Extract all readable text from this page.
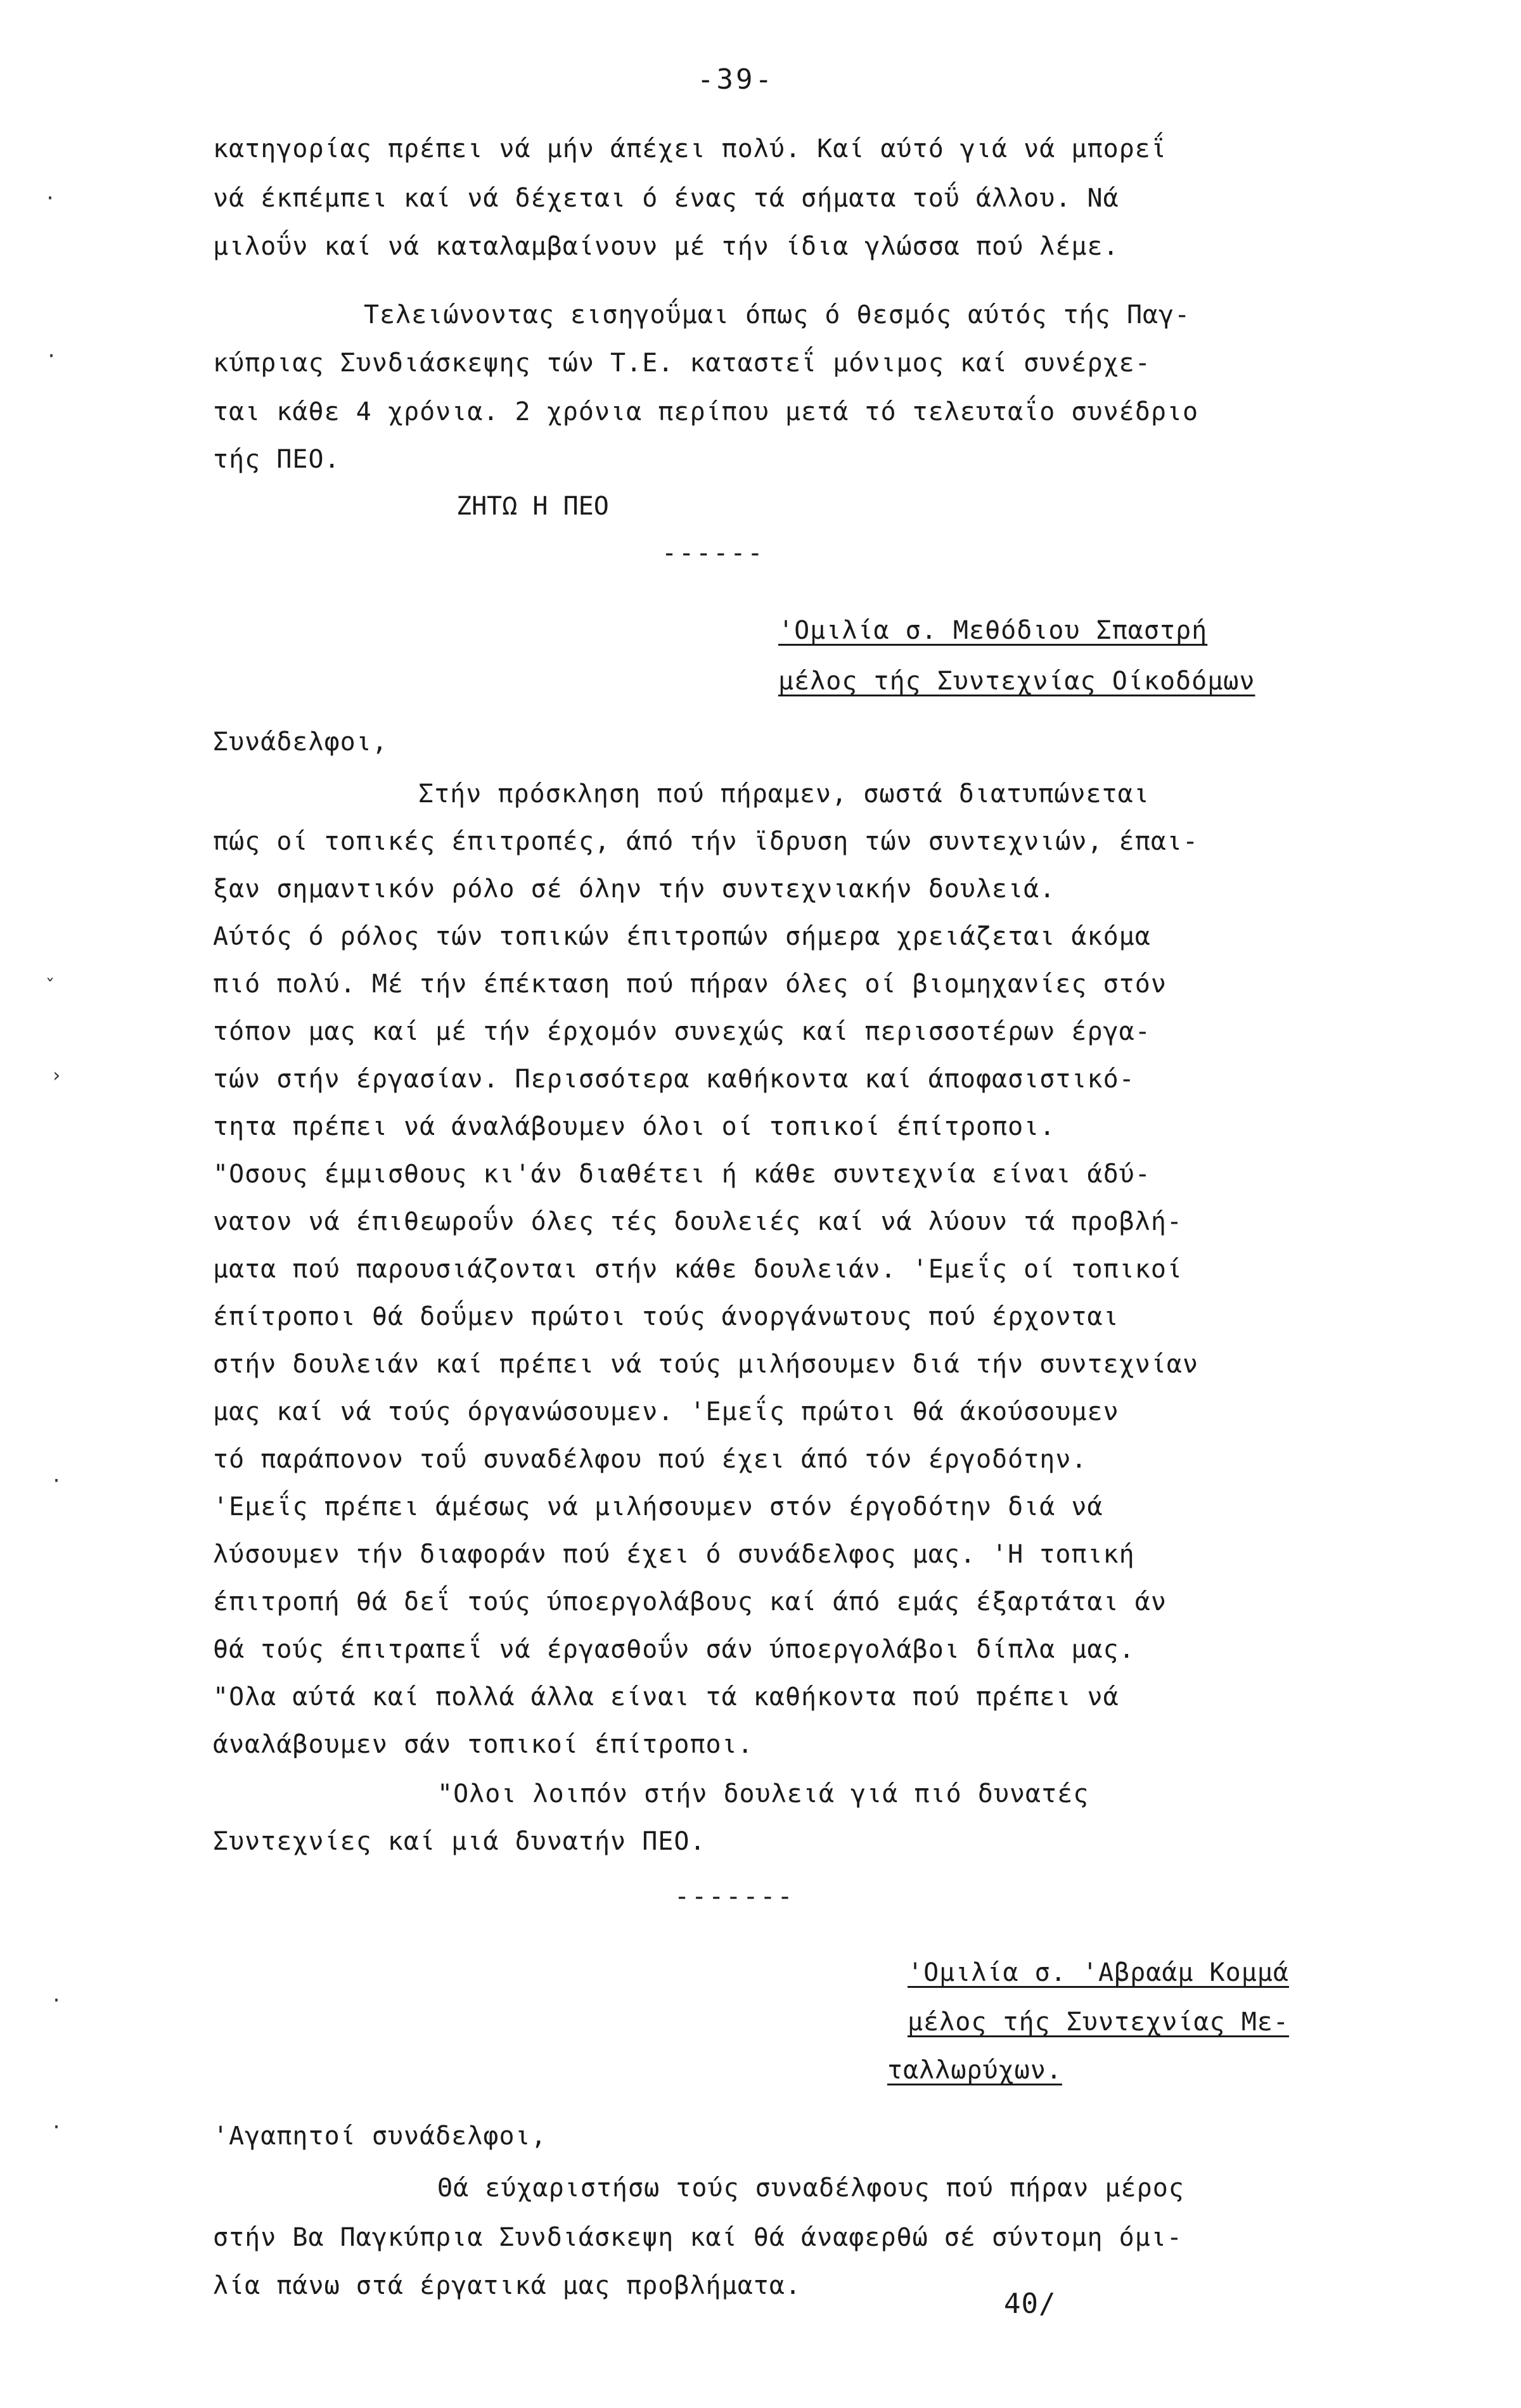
-39-
κατηγορίας πρέπει νά μήν άπέχει πολύ. Καί αύτό γιά νά μπορεΐ
νά έκπέμπει καί νά δέχεται ό ένας τά σήματα τοΰ άλλου. Νά
μιλοΰν καί νά καταλαμβαίνουν μέ τήν ίδια γλώσσα πού λέμε.
Τελειώνοντας εισηγοΰμαι όπως ό θεσμός αύτός τής Παγ-
κύπριας Συνδιάσκεψης τών Τ.Ε. καταστεΐ μόνιμος καί συνέρχε-
ται κάθε 4 χρόνια. 2 χρόνια περίπου μετά τό τελευταΐο συνέδριο
τής ΠΕΟ.
ΖΗΤΩ Η ΠΕΟ
------
'Ομιλία σ. Μεθόδιου Σπαστρή
μέλος τής Συντεχνίας Οίκοδόμων
Συνάδελφοι,
Στήν πρόσκληση πού πήραμεν, σωστά διατυπώνεται
πώς οί τοπικές έπιτροπές, άπό τήν ϊδρυση τών συντεχνιών, έπαι-
ξαν σημαντικόν ρόλο σέ όλην τήν συντεχνιακήν δουλειά.
Αύτός ό ρόλος τών τοπικών έπιτροπών σήμερα χρειάζεται άκόμα
πιό πολύ. Μέ τήν έπέκταση πού πήραν όλες οί βιομηχανίες στόν
τόπον μας καί μέ τήν έρχομόν συνεχώς καί περισσοτέρων έργα-
τών στήν έργασίαν. Περισσότερα καθήκοντα καί άποφασιστικό-
τητα πρέπει νά άναλάβουμεν όλοι οί τοπικοί έπίτροποι.
"Οσους έμμισθους κι'άν διαθέτει ή κάθε συντεχνία είναι άδύ-
νατον νά έπιθεωροΰν όλες τές δουλειές καί νά λύουν τά προβλή-
ματα πού παρουσιάζονται στήν κάθε δουλειάν. 'Εμεΐς οί τοπικοί
έπίτροποι θά δοΰμεν πρώτοι τούς άνοργάνωτους πού έρχονται
στήν δουλειάν καί πρέπει νά τούς μιλήσουμεν διά τήν συντεχνίαν
μας καί νά τούς όργανώσουμεν. 'Εμεΐς πρώτοι θά άκούσουμεν
τό παράπονον τοΰ συναδέλφου πού έχει άπό τόν έργοδότην.
'Εμεΐς πρέπει άμέσως νά μιλήσουμεν στόν έργοδότην διά νά
λύσουμεν τήν διαφοράν πού έχει ό συνάδελφος μας. 'Η τοπική
έπιτροπή θά δεΐ τούς ύποεργολάβους καί άπό εμάς έξαρτάται άν
θά τούς έπιτραπεΐ νά έργασθοΰν σάν ύποεργολάβοι δίπλα μας.
"Ολα αύτά καί πολλά άλλα είναι τά καθήκοντα πού πρέπει νά
άναλάβουμεν σάν τοπικοί έπίτροποι.
"Ολοι λοιπόν στήν δουλειά γιά πιό δυνατές
Συντεχνίες καί μιά δυνατήν ΠΕΟ.
-------
'Ομιλία σ. 'Αβραάμ Κομμά
μέλος τής Συντεχνίας Με-
ταλλωρύχων.
'Αγαπητοί συνάδελφοι,
Θά εύχαριστήσω τούς συναδέλφους πού πήραν μέρος
στήν Βα Παγκύπρια Συνδιάσκεψη καί θά άναφερθώ σέ σύντομη όμι-
λία πάνω στά έργατικά μας προβλήματα.
40/
·
·
ˇ
›
·
·
·
